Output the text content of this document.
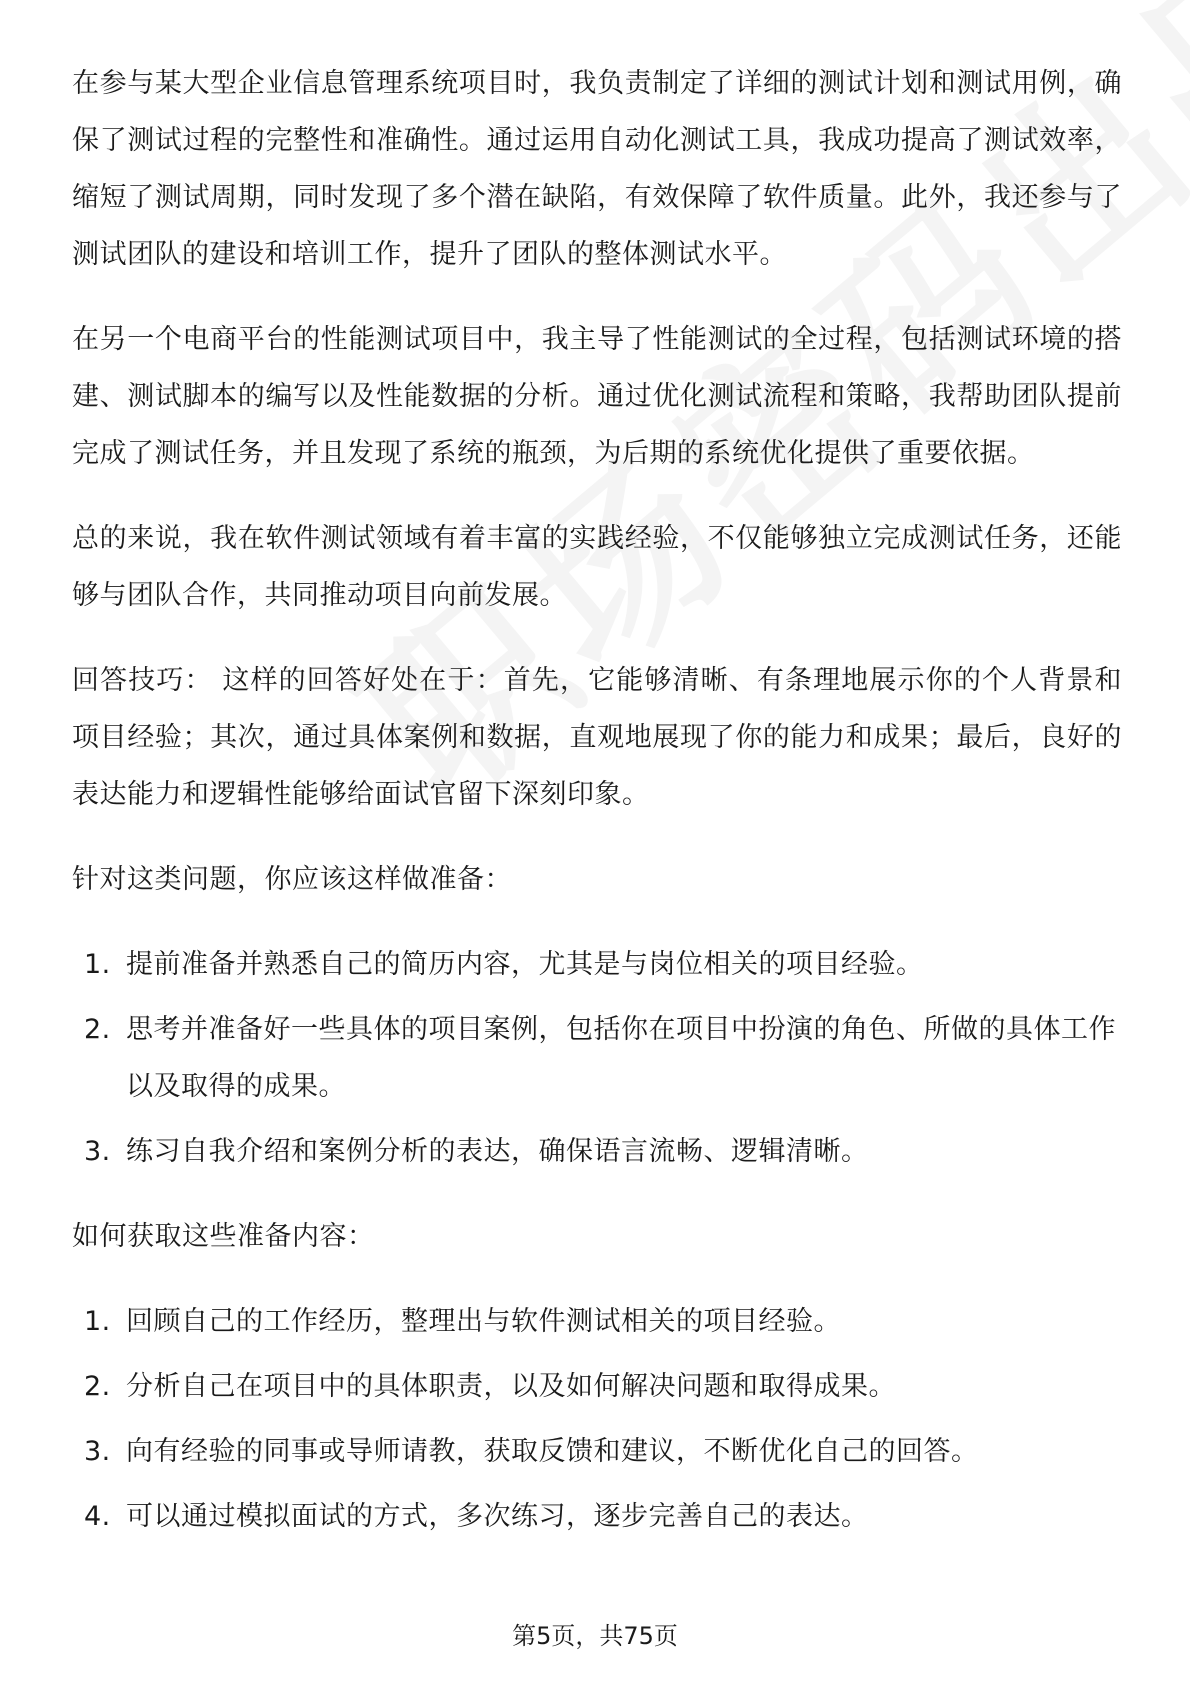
在参与某大型企业信息管理系统项目时，我负责制定了详细的测试计划和测试用例，确保了测试过程的完整性和准确性。通过运用自动化测试工具，我成功提高了测试效率，缩短了测试周期，同时发现了多个潜在缺陷，有效保障了软件质量。此外，我还参与了测试团队的建设和培训工作，提升了团队的整体测试水平。

在另一个电商平台的性能测试项目中，我主导了性能测试的全过程，包括测试环境的搭建、测试脚本的编写以及性能数据的分析。通过优化测试流程和策略，我帮助团队提前完成了测试任务，并且发现了系统的瓶颈，为后期的系统优化提供了重要依据。

总的来说，我在软件测试领域有着丰富的实践经验，不仅能够独立完成测试任务，还能够与团队合作，共同推动项目向前发展。

回答技巧： 这样的回答好处在于：首先，它能够清晰、有条理地展示你的个人背景和项目经验；其次，通过具体案例和数据，直观地展现了你的能力和成果；最后，良好的表达能力和逻辑性能够给面试官留下深刻印象。

针对这类问题，你应该这样做准备：

1. 提前准备并熟悉自己的简历内容，尤其是与岗位相关的项目经验。
2. 思考并准备好一些具体的项目案例，包括你在项目中扮演的角色、所做的具体工作以及取得的成果。
3. 练习自我介绍和案例分析的表达，确保语言流畅、逻辑清晰。

如何获取这些准备内容：

1. 回顾自己的工作经历，整理出与软件测试相关的项目经验。
2. 分析自己在项目中的具体职责，以及如何解决问题和取得成果。
3. 向有经验的同事或导师请教，获取反馈和建议，不断优化自己的回答。
4. 可以通过模拟面试的方式，多次练习，逐步完善自己的表达。
第5页，共75页
